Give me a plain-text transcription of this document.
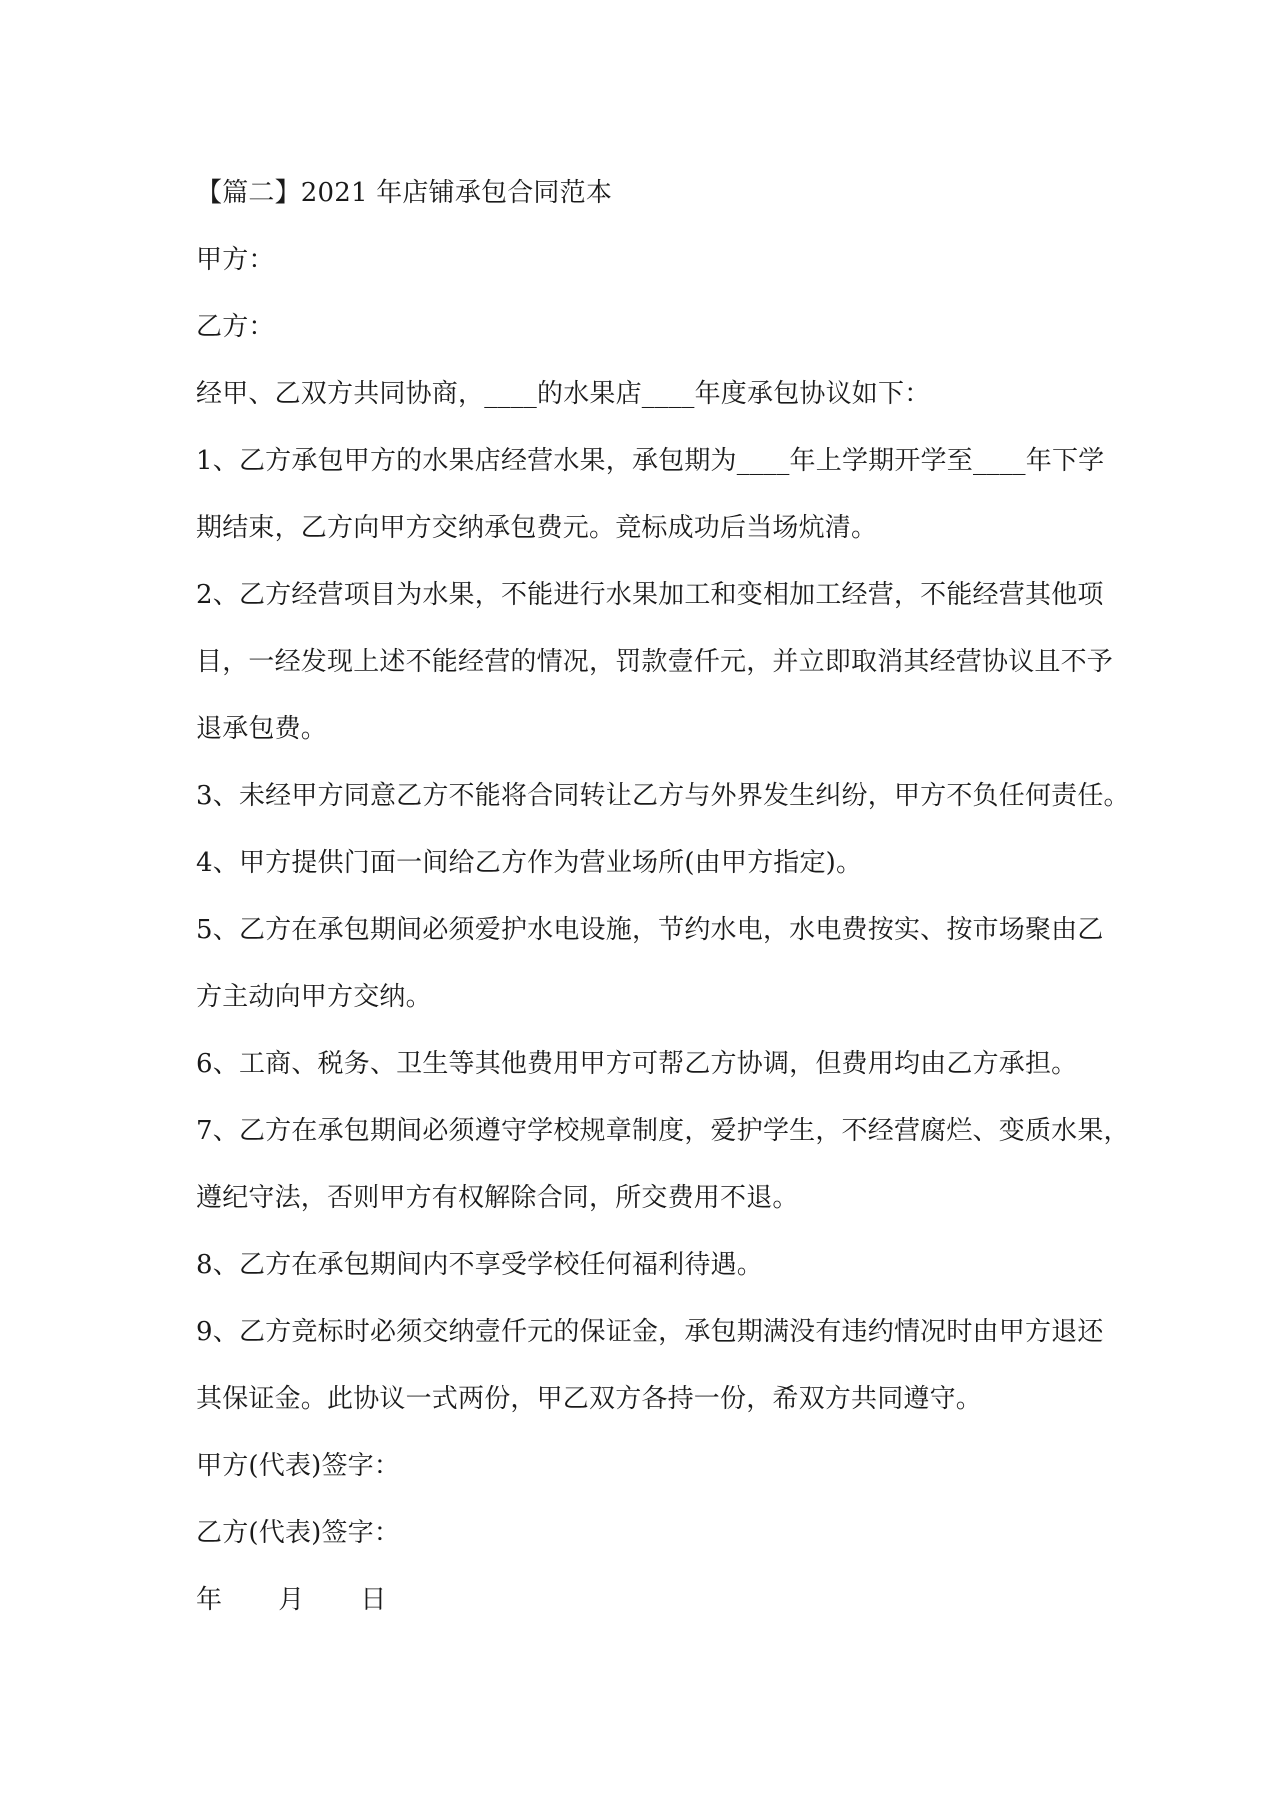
【篇二】2021 年店铺承包合同范本
甲方：
乙方：
经甲、乙双方共同协商，____的水果店____年度承包协议如下：
1、乙方承包甲方的水果店经营水果，承包期为____年上学期开学至____年下学
期结束，乙方向甲方交纳承包费元。竞标成功后当场炕清。
2、乙方经营项目为水果，不能进行水果加工和变相加工经营，不能经营其他项
目，一经发现上述不能经营的情况，罚款壹仟元，并立即取消其经营协议且不予
退承包费。
3、未经甲方同意乙方不能将合同转让乙方与外界发生纠纷，甲方不负任何责任。
4、甲方提供门面一间给乙方作为营业场所(由甲方指定)。
5、乙方在承包期间必须爱护水电设施，节约水电，水电费按实、按市场聚由乙
方主动向甲方交纳。
6、工商、税务、卫生等其他费用甲方可帮乙方协调，但费用均由乙方承担。
7、乙方在承包期间必须遵守学校规章制度，爱护学生，不经营腐烂、变质水果，
遵纪守法，否则甲方有权解除合同，所交费用不退。
8、乙方在承包期间内不享受学校任何福利待遇。
9、乙方竞标时必须交纳壹仟元的保证金，承包期满没有违约情况时由甲方退还
其保证金。此协议一式两份，甲乙双方各持一份，希双方共同遵守。
甲方(代表)签字：
乙方(代表)签字：
年 月 日
